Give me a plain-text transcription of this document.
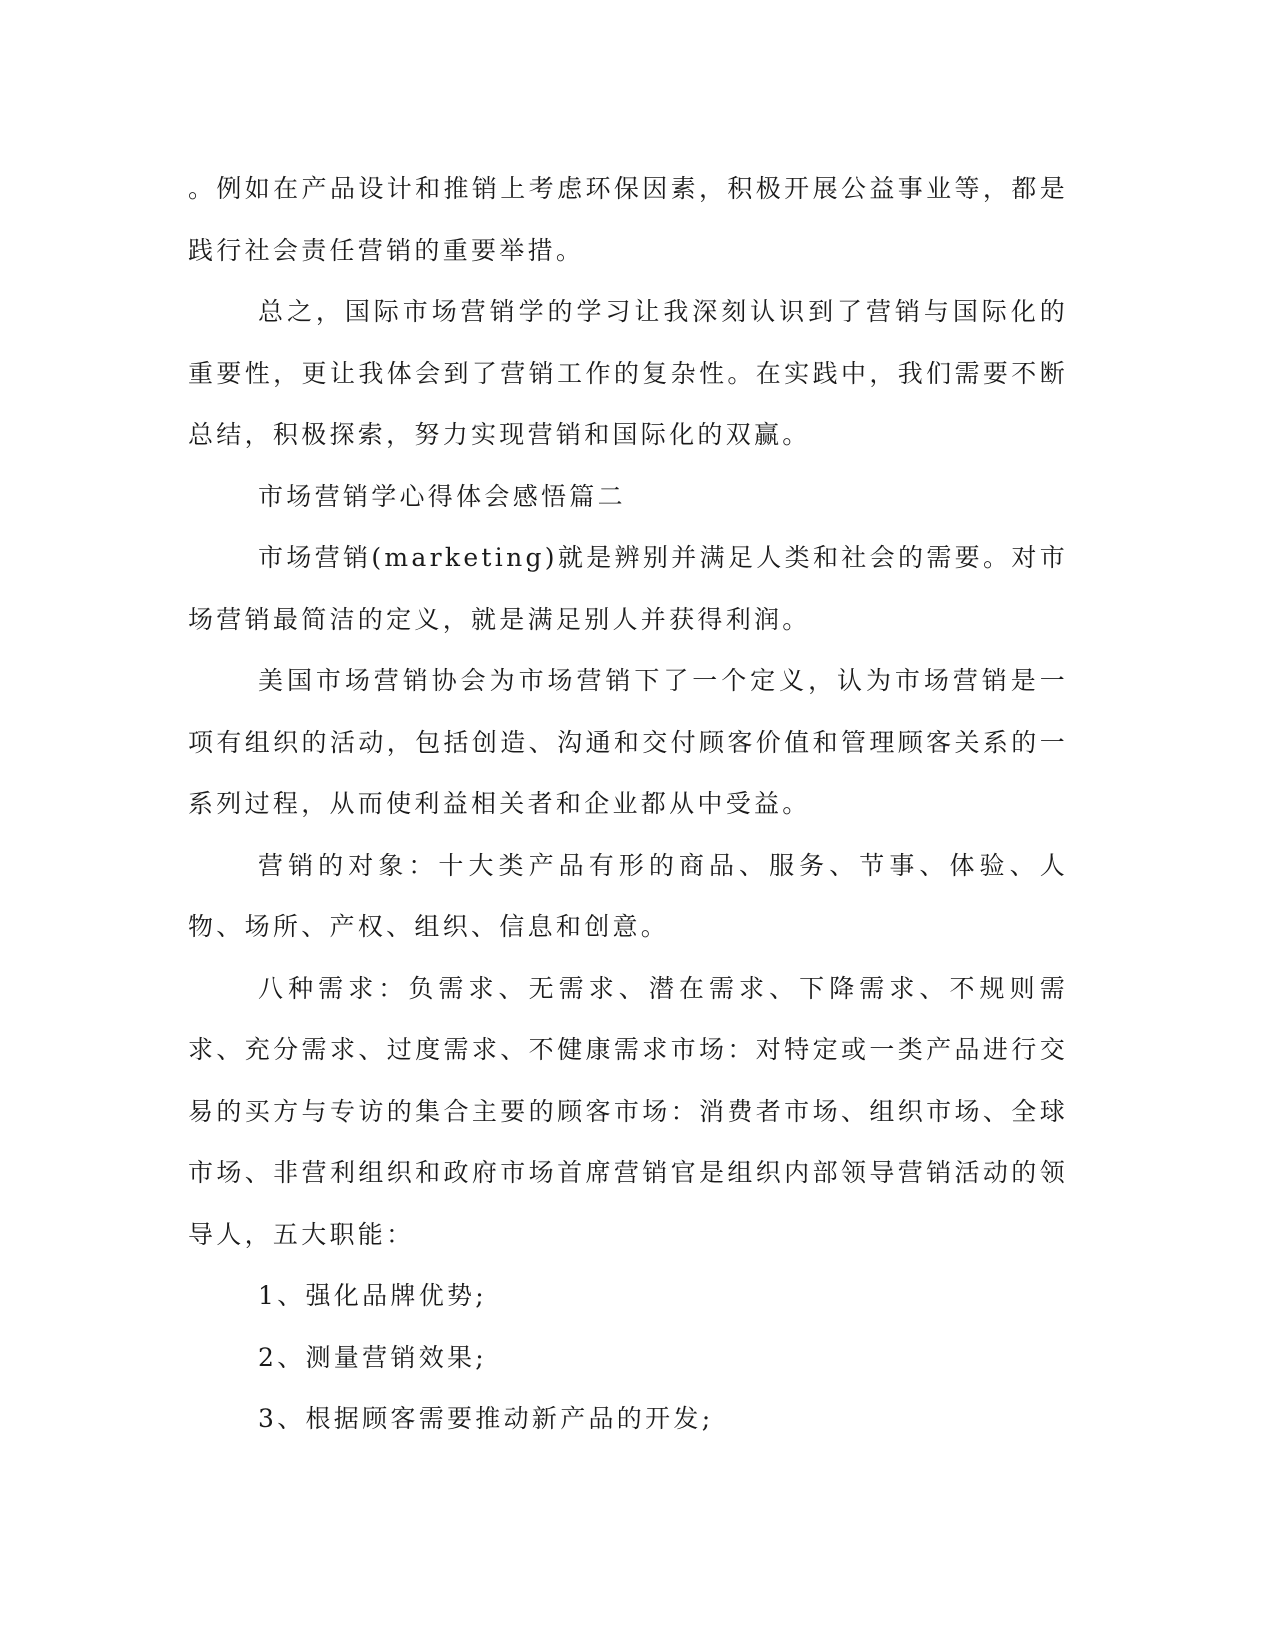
。例如在产品设计和推销上考虑环保因素，积极开展公益事业等，都是践行社会责任营销的重要举措。

总之，国际市场营销学的学习让我深刻认识到了营销与国际化的重要性，更让我体会到了营销工作的复杂性。在实践中，我们需要不断总结，积极探索，努力实现营销和国际化的双赢。

市场营销学心得体会感悟篇二

市场营销(marketing)就是辨别并满足人类和社会的需要。对市场营销最简洁的定义，就是满足别人并获得利润。

美国市场营销协会为市场营销下了一个定义，认为市场营销是一项有组织的活动，包括创造、沟通和交付顾客价值和管理顾客关系的一系列过程，从而使利益相关者和企业都从中受益。

营销的对象：十大类产品有形的商品、服务、节事、体验、人物、场所、产权、组织、信息和创意。

八种需求：负需求、无需求、潜在需求、下降需求、不规则需求、充分需求、过度需求、不健康需求市场：对特定或一类产品进行交易的买方与专访的集合主要的顾客市场：消费者市场、组织市场、全球市场、非营利组织和政府市场首席营销官是组织内部领导营销活动的领导人，五大职能：

1、强化品牌优势;

2、测量营销效果;

3、根据顾客需要推动新产品的开发;
